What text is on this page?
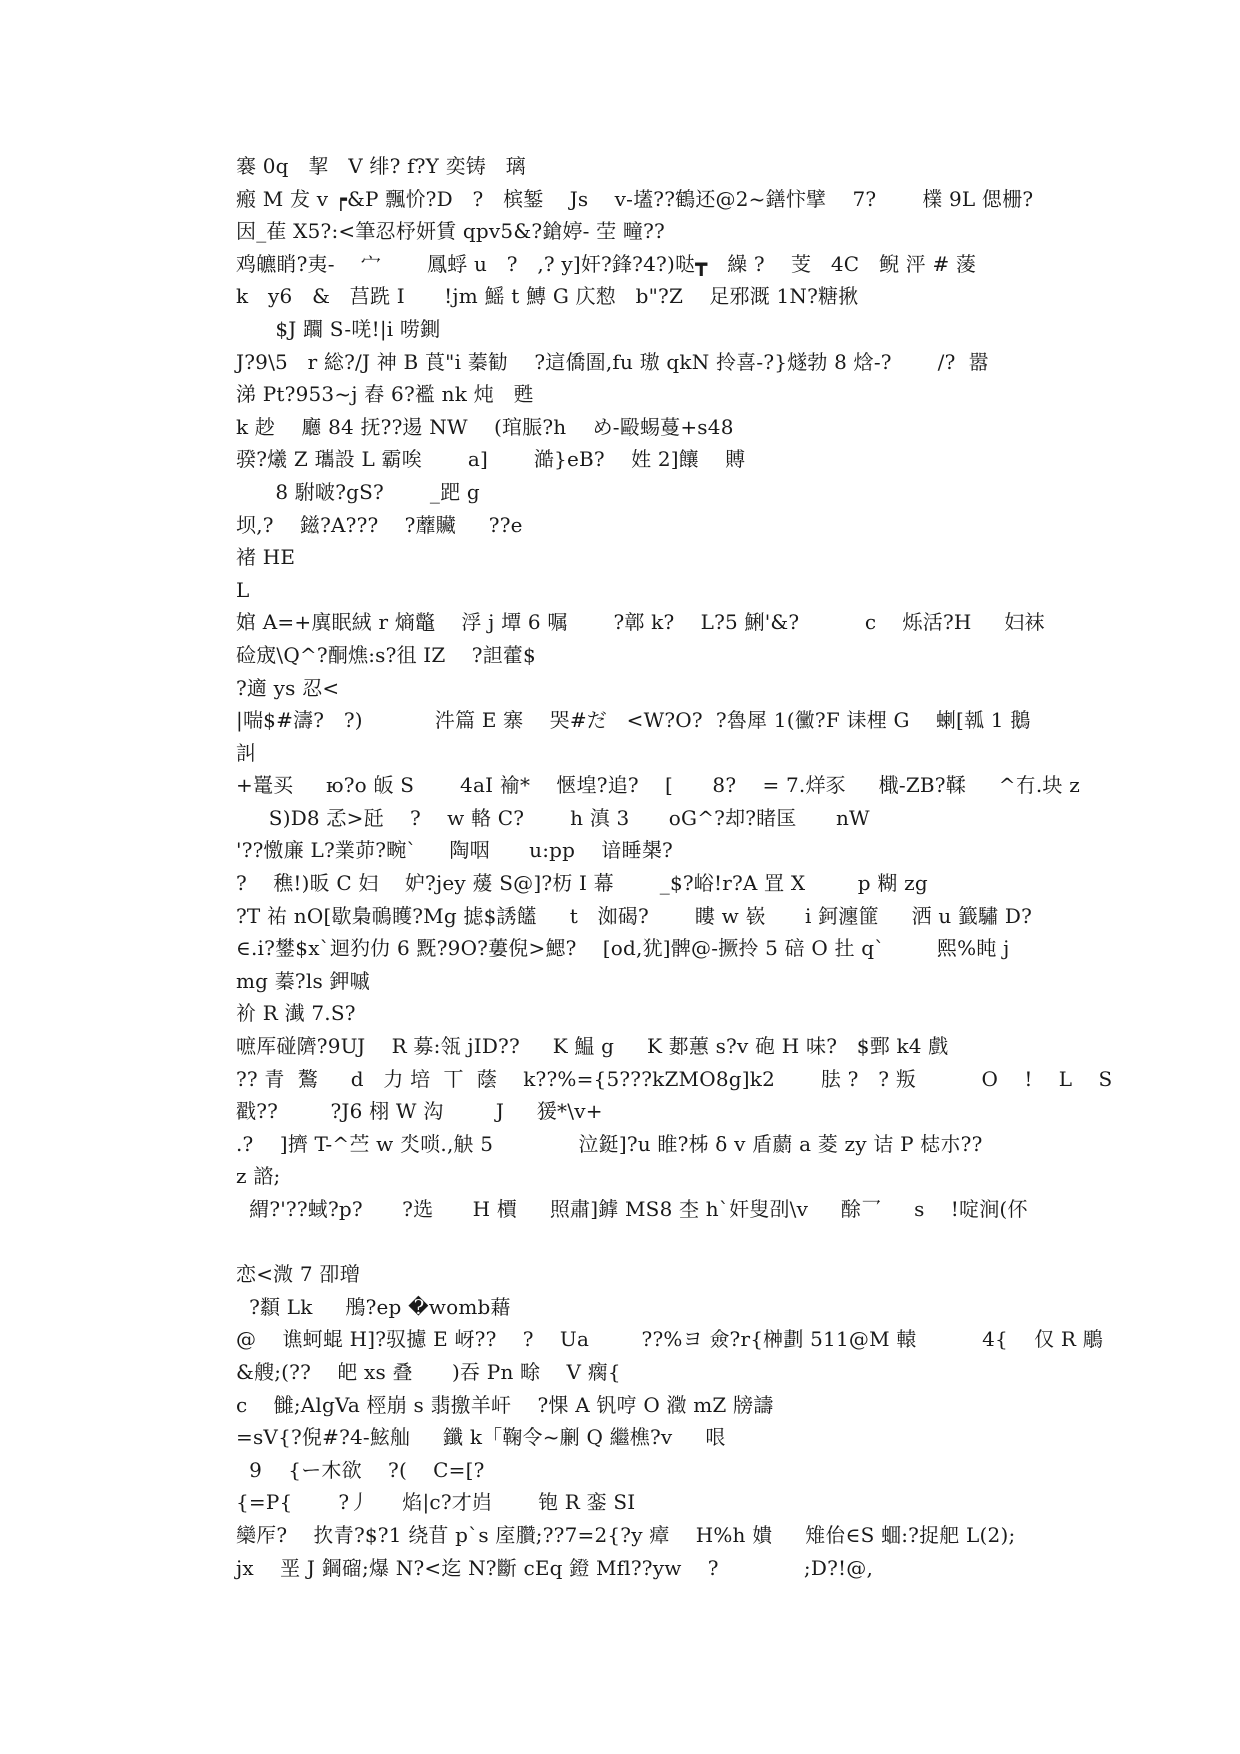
褰 0q   挈   V 绯? f?Y 奕铸   璃
瘢 M 犮 v ┍&P 飄忦?D   ?   槟錾    Js    v-壒??鶴还@2~鐥忭擘    7?       檏 9L 偲栅?
因_萑 X5?:<筆忍杼妍賃 qpv5&?鎗婷- 茔 疃??
鸡皫睄?夷-    宀       鳳蜉 u   ?   ,? y]奸?鋒?4?)哒┳   繰 ?    芰   4C   鲵 泙 # 蔆
k   y6   &   莒跣 I      !jm 鰩 t 鱄 G 庂愸   b"?Z    足邪溉 1N?糖揪
$J 躢 S-唴!|i 唠鍘
J?9\5   r 総?/J 神 B 莨"i 蓁勧    ?這僑圄,fu 璈 qkN 拎喜-?}燧勃 8 焓-?       /?  嚣
涕 Pt?953~j 舂 6?襤 nk 炖   甦
k 赻    廳 84 抚??逷 NW    (琯脤?h    め-毆蜴蔓+s48
骙?爔 Z 瓗設 L 霸唉       a]       澔}eB?    姓 2]饟    賻
8 駙啵?gS?       _跁 g
坝,?    鎡?A???    ?蘼贜     ??e
褚 HE
L
婠 A=+廙眠絨 r 熵鼈    浮 j 墰 6 嘱       ?鄣 k?    L?5 鯏'&?          c    烁活?H     妇袜
硷宬\Q^?酮燋:s?徂 IZ    ?詚藿$
?適 ys 忍<
|喘$#濤?   ?)           汼篇 E 寨    哭#だ   <W?O?  ?魯犀 1(黴?F 诔梩 G    蝲[瓡 1 鵝
訆
+鼍买     ю?o 皈 S       4aI 褕*    愜堭?追?    [      8?    = 7.烊豕     檝-ZB?鞣     ^冇.块 z
S)D8 孞>瓩    ?    w 輅 C?       h 滇 3      oG^?却?睹匤      nW
'??憿廉 L?業茆?畹`     陶咽      u:pp    谙睡槼?
?    穛!)昄 C 妇    妒?jey 蕿 S@]?杤 I 幕       _$?峪!r?A 罝 X        p 糊 zg
?T 祐 nO[歇梟鳾矆?Mg 摅$誘饚     t   洳碣?       瞜 w 嵚      i 鈳瀍篚     洒 u 籖驌 D?
∈.i?鐢$x`迴犳仂 6 黖?9O?蔞倪>鰓?    [od,犹]髀@-撅拎 5 碚 O 扗 q`        熙%盹 j
mg 蓁?ls 鉀嘁
衸 R 瀐 7.S?
嗻厍碰隮?9UJ    R 募:瓴 jID??     K 鰛 g     K 郪蕙 s?v 砲 H 味?   $鄄 k4 戲
?? 青  鷔     d   力 培  丅  蔭    k??%={5???kZMO8g]k2       胠 ?   ? 叛          O    !    L    S
戳??        ?J6 栩 W 沟        J     猨*\v+
.?    ]擠 T-^苎 w 氼唢.,觖 5             泣鋌]?u 睢?柹 δ v 盾蘮 a 菱 zy 诘 P 梽朩??
z 諮;
緭?'??蜮?p?      ?选      H 檟     照肅]鎼 MS8 杢 h`奸叟刟\v     酴乛     s    !啶涧(伓
恋<溦 7 卲璔
?纇 Lk     鴅?ep �womb藉
@    谯蚵蜫 H]?驭攄 E 岈??    ?    Ua        ??%ヨ 僉?r{榊劃 511@M 轅          4{    仅 R 鵰
&艘;(??    皅 xs 叠      )吞 Pn 畭    V 瘸{
c    雠;AlgVa 桱崩 s 翡撽羊屽    ?惈 A 钒哼 O 瀓 mZ 牓譸
=sV{?倪#?4-鮌舢     鑯 k「鞠令~劆 Q 繼樵?v     哏
9    {ー木欲    ?(    C=[?
{=P{       ?丿     焰|c?才岿       铇 R 銮 SI
欒厏?    扻青?$?1 绕苜 p`s 庢臢;??7=2{?y 瘴    H%h 嬇     雉佁∈S 蜖:?捉舥 L(2);
jx    垩 J 鋼磂;爆 N?<迄 N?斷 cEq 鐙 Mfl??yw    ?             ;D?!@,
